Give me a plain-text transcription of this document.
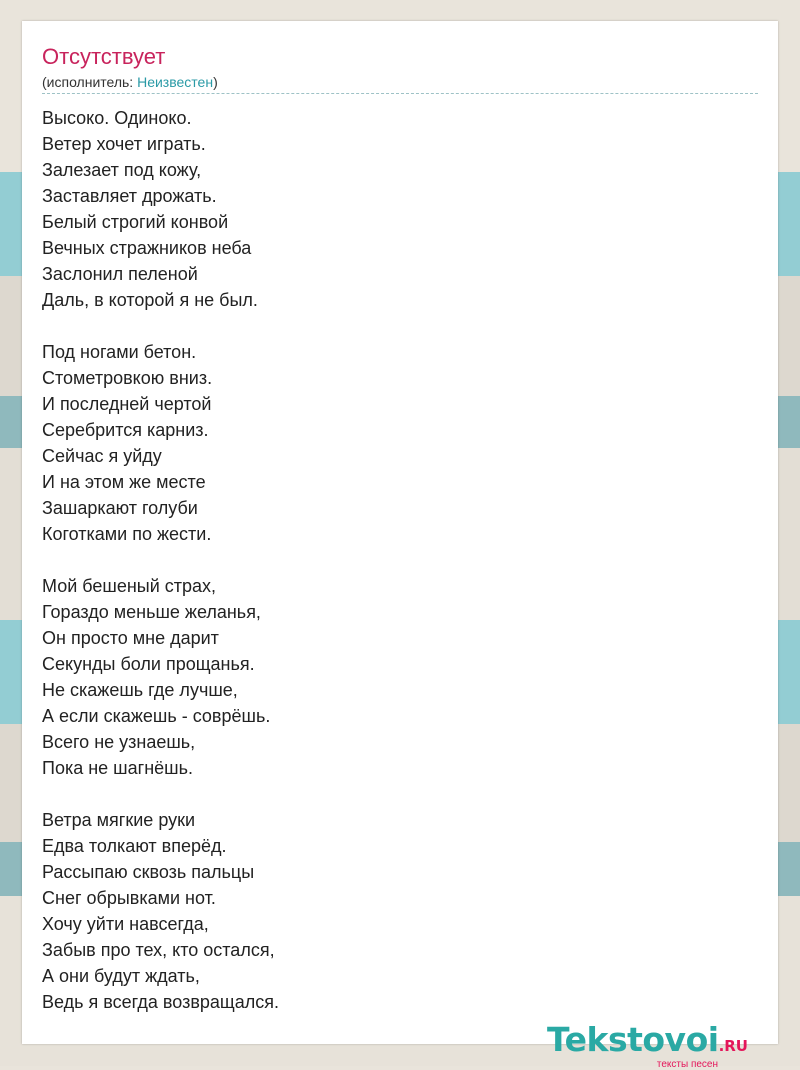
Отсутствует
(исполнитель: Неизвестен)
Высоко. Одиноко.
Ветер хочет играть.
Залезает под кожу,
Заставляет дрожать.
Белый строгий конвой
Вечных стражников неба
Заслонил пеленой
Даль, в которой я не был.
Под ногами бетон.
Стометровкою вниз.
И последней чертой
Серебрится карниз.
Сейчас я уйду
И на этом же месте
Зашаркают голуби
Коготками по жести.
Мой бешеный страх,
Гораздо меньше желанья,
Он просто мне дарит
Секунды боли прощанья.
Не скажешь где лучше,
А если скажешь - соврёшь.
Всего не узнаешь,
Пока не шагнёшь.
Ветра мягкие руки
Едва толкают вперёд.
Рассыпаю сквозь пальцы
Снег обрывками нот.
Хочу уйти навсегда,
Забыв про тех, кто остался,
А они будут ждать,
Ведь я всегда возвращался.
Tekstovoi.RU
тексты песен
